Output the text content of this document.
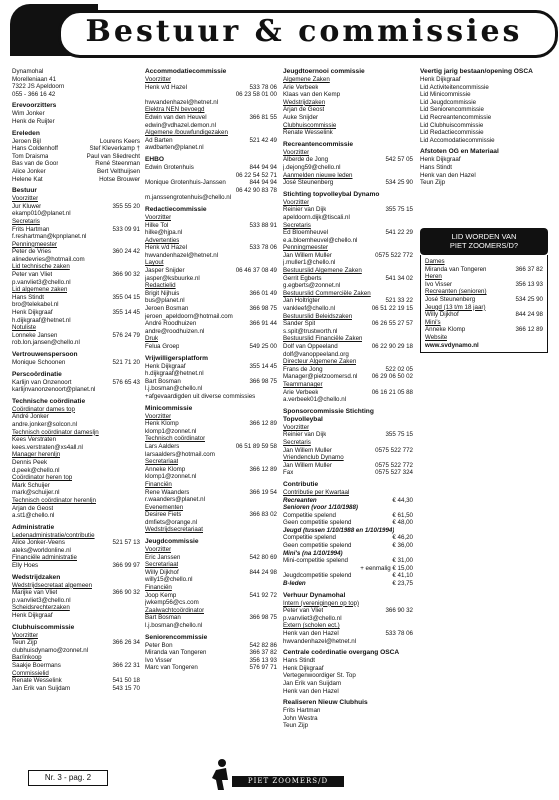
Bestuur & commissies
Dynamohal
Morelleniaan 41
7322 JS Apeldoorn
055 - 366 16 42
Erevoorzitters
Wim Jonker
Henk de Ruijter
Ereleden
Jeroen Bijl	Lourens Keers
Hans Coldenhoff	Stef Kleverkamp †
Tom Draisma	Paul van Sliedrecht
Bas van de Goor	René Steenman
Alice Jonker	Bert Velthuijsen
Helene Kat	Hotse Brouwer
Bestuur
Voorzitter
Jur Kluwer	355 55 20
ekamp010@planet.nl
Secretaris
Frits Hartman	533 09 91
f.reshartman@kpnplanet.nl
Penningmeester
Peter de Vries	360 24 42
alinedevries@hotmail.com
Lid technische zaken
Peter van Vliet	366 90 32
p.vanvliet3@chello.nl
Lid algemene zaken
Hans Stindt	355 04 15
bro@telekabel.nl
Henk Dijkgraaf	355 14 45
h.dijkgraaf@hetnet.nl
Notuliste
Lonneke Jansen	576 24 79
rob.lon.jansen@chello.nl
Vertrouwenspersoon
Monique Schoonen	521 71 20
Perscoördinatie
Karlijn van Onzenoort	576 65 43
karlijnvanonzenoort@planet.nl
Technische coördinatie
Coördinator dames top
André Jonker
andre.jonker@solcon.nl
Technisch coördinator damesljn
Kees Verstraten
kees.verstraten@xs4all.nl
Manager herenljn
Dennis Peek
d.peek@chello.nl
Coördinator heren top
Mark Schuijer
mark@schuijer.nl
Technisch coördinator herenljn
Arjan de Geost
a.st1@chello.nl
Administratie
Ledenadministratie/contributie
Alice Jonker-Veens	521 57 13
ateks@worldonline.nl
Financiële administratie
Elly Hoes	366 99 97
Wedstrijdzaken
Wedstrijdsecretaat algemeen
Marijke van Vliet	366 90 32
p.vanvliet3@chello.nl
Scheidsrechterzaken
Henk Dijkgraaf
Clubhuiscommissie
Voorzitter
Teun Zijp	366 26 34
clubhuisdynamo@zonnet.nl
Bar/inkoop
Saakje Boermans	366 22 31
Commissielid
Renate Wesselink	541 50 18
Jan Erik van Suijdam	543 15 70
Accommodatiecommissie
Voorzitter
Henk v/d Hazel	533 78 06
06 23 58 01 00
hwvandenhazel@hetnet.nl
Elektra NEN bevoegd
Edwin van den Heuvel	366 81 55
edwin@vdhazel.demon.nl
Algemene /bouwfundigezaken
Ad Barten	521 42 49
awdbarten@planet.nl
EHBO
Edwin Grotenhuis	844 94 94
06 22 54 52 71
Monique Grotenhuis-Janssen	844 94 94
06 42 90 83 78
m.janssengrotenhuis@chello.nl
Redactiecommissie
Voorzitter
Hilke Tol	533 88 91
hilke@hjpa.nl
Advertenties
Henk v/d Hazel	533 78 06
hwvandenhazel@hetnet.nl
Layout
Jasper Snijder	06 46 37 08 49
jasper@ksbuurke.nl
Redactielid
Brigit Nijhuis	366 01 49
bus@planet.nl
Jeroen Bosman	366 98 75
jeroen_apeldoorn@hotmail.com
André Roodhuizen	366 91 44
andre@roodhuizen.nl
Druk
Felua Groep	549 25 00
Vrijwilligersplatform
Henk Dijkgraaf	355 14 45
h.dijkgraaf@hetnet.nl
Bart Bosman	366 98 75
l.j.bosman@chello.nl
+afgevaardigden uit diverse commissies
Minicommissie
Voorzitter
Henk Klomp	366 12 89
klomp1@zonnet.nl
Technisch coördinator
Lars Aalders	06 51 89 59 58
larsaalders@hotmail.com
Secretariaat
Anneke Klomp	366 12 89
klomp1@zonnet.nl
Financiën
Rene Waanders	366 19 54
r.waanders@planet.nl
Evenementen
Desiree Fiets	366 83 02
dmfiets@orange.nl
Wedstrijdsecretariaat
Jeugdcommissie
Voorzitter
Eric Janssen	542 80 69
Secretariaat
Willy Dijkhof	844 24 98
willy15@chello.nl
Financiën
Joop Kemp	541 92 72
jwkemp56@cs.com
Zaalwachtcoördinator
Bart Bosman	366 98 75
l.j.bosman@chello.nl
Seniorencommissie
Peter Bon	542 82 86
Miranda van Tongeren	366 37 82
Ivo Visser	356 13 93
Marc van Tongeren	576 97 71
Jeugdtoernooi commissie
Algemene Zaken
Arie Verbeek
Klaas van den Kemp
Wedstrijdzaken
Arjan de Geost
Auke Snijder
Clubhuiscommissie
Renate Wesselink
Recreantencommissie
Voorzitter
Alberde de Jong	542 57 05
j.dejong59@chello.nl
Aanmelden nieuwe leden
José Steunenberg	534 25 90
Stichting topvolleybal Dynamo
Voorzitter
Reinier van Dijk	355 75 15
apeldoorn.dijk@tiscali.nl
Secretaris
Ed Bloemheuvel	541 22 29
e.a.bloemheuvel@chello.nl
Penningmeester
Jan Willem Muller	0575 522 772
j.muller1@chello.nl
Bestuurslid Algemene Zaken
Gerrit Egberts	541 34 02
g.egberts@zonnet.nl
Bestuurslid Commerciële Zaken
Jan Holtrigter	521 33 22
vankleef@chello.nl	06 51 22 19 15
Bestuurslid Beleidszaken
Sander Spit	06 26 55 27 57
s.spit@trustworth.nl
Bestuurslid Financiële Zaken
Dolf van Oppeeland	06 22 90 29 18
dolf@vanoppeeland.org
Directeur Algemene Zaken
Frans de Jong	522 02 05
Manager@pietzoomersd.nl 06 29 06 50 02
Teammanager
Arie Verbeek	06 16 21 05 88
a.verbeek01@chello.nl
Sponsorcommissie Stichting Topvolleybal
Voorzitter
Reinier van Dijk	355 75 15
Secretaris
Jan Willem Muller	0575 522 772
Vriendenclub Dynamo
Jan Willem Muller	0575 522 772
Fax	0575 527 324
Contributie
Contributie per Kwartaal
Recreanten	€ 44,30
Senioren (voor 1/10/1988)
Competitie spelend	€ 61,50
Geen competitie spelend	€ 48,00
Jeugd (tussen 1/10/1988 en 1/10/1994)
Competitie spelend	€ 46,20
Geen competitie spelend	€ 36,00
Mini's (na 1/10/1994)
Mini-competitie spelend	€ 31,00
+ eenmalig € 15,00
Jeugdcompetitie spelend	€ 41,10
B-leden	€ 23,75
Verhuur Dynamohal
Intern (verenigingen op top)
Peter van Vliet	366 90 32
p.vanvliet3@chello.nl
Extern (scholen ect.)
Henk van den Hazel	533 78 06
hwvandenhazel@hetnet.nl
Centrale coördinatie overgang OSCA
Hans Stindt
Henk Dijkgraaf
Vertegenwoordiger St. Top
Jan Erik van Suijdam
Henk van den Hazel
Realiseren Nieuw Clubhuis
Frits Hartman
John Westra
Teun Zijp
Veertig jarig bestaan/opening OSCA
Henk Dijkgraaf
Lid Activiteitencommissie
Lid Minicommissie
Lid Jeugdcommissie
Lid Seniorencommissie
Lid Recreantencommissie
Lid Clubhuiscommissie
Lid Redactiecommissie
Lid Accomodatiecommissie
Afstoten OG en Materiaal
Henk Dijkgraaf
Hans Stindt
Henk van den Hazel
Teun Zijp
LID WORDEN VAN
PIET ZOOMERS/D?
Dames
Miranda van Tongeren	366 37 82
Heren
Ivo Visser	356 13 93
Recreanten (senioren)
José Steunenberg	534 25 90
Jeugd (13 t/m 18 jaar)
Willy Dijkhof	844 24 98
Mini's
Anneke Klomp	366 12 89
Website
www.svdynamo.nl
PIET ZOOMERS/D
Nr. 3 - pag. 2
